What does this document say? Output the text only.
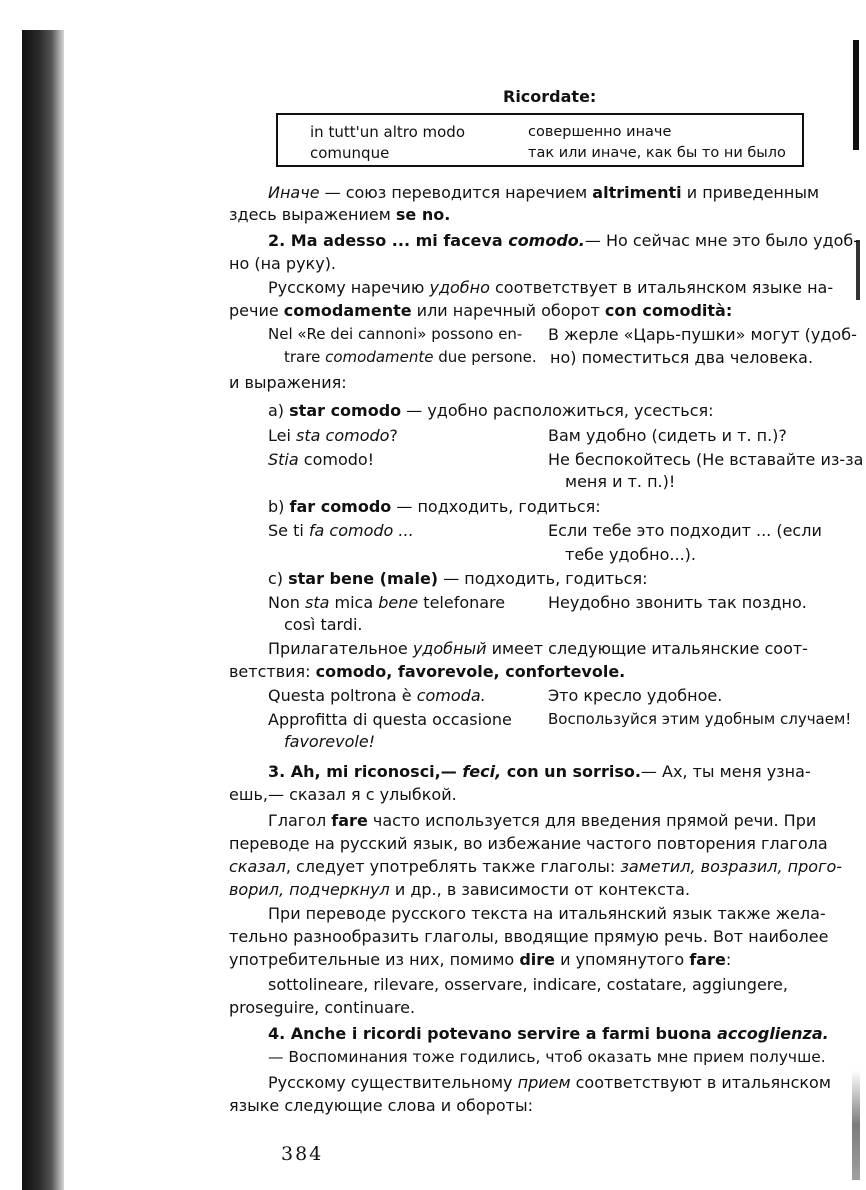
Ricordate:
in tutt'un altro modo	совершенно иначе
comunque	так или иначе, как бы то ни было
Иначе — союз переводится наречием altrimenti и приведенным
здесь выражением se no.
2. Ma adesso ... mi faceva comodo.— Но сейчас мне это было удоб-
но (на руку).
Русскому наречию удобно соответствует в итальянском языке на-
речие comodamente или наречный оборот con comodità:
Nel «Re dei cannoni» possono en-
trare comodamente due persone.
В жерле «Царь-пушки» могут (удоб-
но) поместиться два человека.
и выражения:
a) star comodo — удобно расположиться, усесться:
Lei sta comodo?	Вам удобно (сидеть и т. п.)?
Stia comodo!	Не беспокойтесь (Не вставайте из-за
меня и т. п.)!
b) far comodo — подходить, годиться:
Se ti fa comodo ...	Если тебе это подходит ... (если
тебе удобно...).
c) star bene (male) — подходить, годиться:
Non sta mica bene telefonare
così tardi.
Неудобно звонить так поздно.
Прилагательное удобный имеет следующие итальянские соот-
ветствия: comodo, favorevole, confortevole.
Questa poltrona è comoda.	Это кресло удобное.
Approfitta di questa occasione
favorevole!
Воспользуйся этим удобным случаем!
3. Ah, mi riconosci,— feci, con un sorriso.— Ах, ты меня узна-
ешь,— сказал я с улыбкой.
Глагол fare часто используется для введения прямой речи. При
переводе на русский язык, во избежание частого повторения глагола
сказал, следует употреблять также глаголы: заметил, возразил, прого-
ворил, подчеркнул и др., в зависимости от контекста.
При переводе русского текста на итальянский язык также жела-
тельно разнообразить глаголы, вводящие прямую речь. Вот наиболее
употребительные из них, помимо dire и упомянутого fare:
sottolineare, rilevare, osservare, indicare, costatare, aggiungere,
proseguire, continuare.
4. Anche i ricordi potevano servire a farmi buona accoglienza.
— Воспоминания тоже годились, чтоб оказать мне прием получше.
Русскому существительному прием соответствуют в итальянском
языке следующие слова и обороты:
384
